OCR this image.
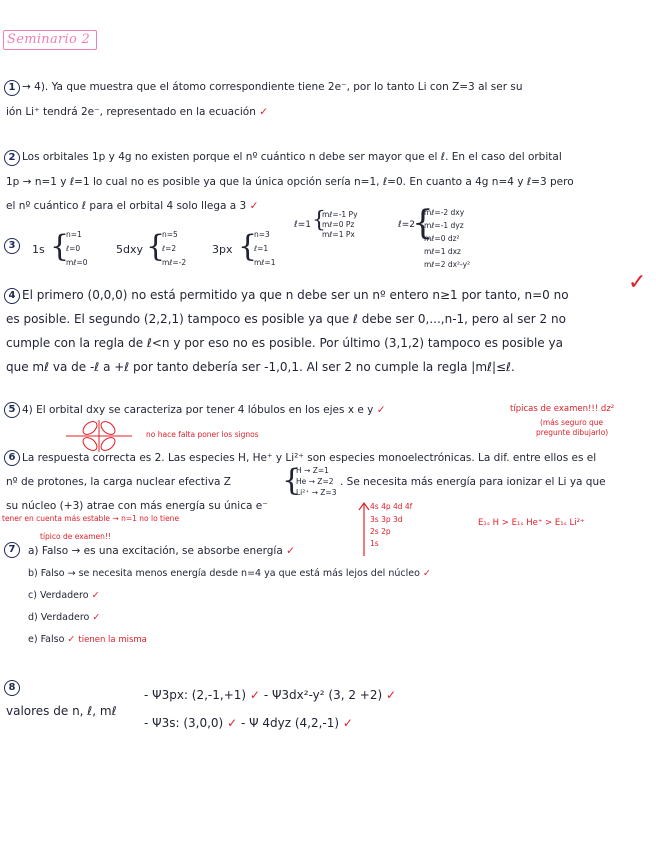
Seminario 2
1 → 4). Ya que muestra que el átomo correspondiente tiene 2e⁻, por lo tanto Li con Z=3 al ser su
ión Li⁺ tendrá 2e⁻, representado en la ecuación ✓
2 Los orbitales 1p y 4g no existen porque el nº cuántico n debe ser mayor que el ℓ. En el caso del orbital
1p → n=1 y ℓ=1 lo cual no es posible ya que la única opción sería n=1, ℓ=0. En cuanto a 4g n=4 y ℓ=3 pero
el nº cuántico ℓ para el orbital 4 solo llega a 3 ✓
ℓ=1 {
mℓ=-1 Py
mℓ=0 Pz
mℓ=1 Px
ℓ=2
{
mℓ=-2 dxy
mℓ=-1 dyz
mℓ=0 dz²
mℓ=1 dxz
mℓ=2 dx²-y²
3	1s {
n=1
ℓ=0
mℓ=0
5dxy {
n=5
ℓ=2
mℓ=-2
3px {
n=3
ℓ=1
mℓ=1
✓
4 El primero (0,0,0) no está permitido ya que n debe ser un nº entero n≥1 por tanto, n=0 no
es posible. El segundo (2,2,1) tampoco es posible ya que ℓ debe ser 0,...,n-1, pero al ser 2 no
cumple con la regla de ℓ<n y por eso no es posible. Por último (3,1,2) tampoco es posible ya
que mℓ va de -ℓ a +ℓ por tanto debería ser -1,0,1. Al ser 2 no cumple la regla |mℓ|≤ℓ.
5 4) El orbital dxy se caracteriza por tener 4 lóbulos en los ejes x e y ✓	típicas de examen!!! dz²
(más seguro que
pregunte dibujarlo)
no hace falta poner los signos
6 La respuesta correcta es 2. Las especies H, He⁺ y Li²⁺ son especies monoelectrónicas. La dif. entre ellos es el
nº de protones, la carga nuclear efectiva Z {
H → Z=1
He → Z=2
Li²⁺ → Z=3
. Se necesita más energía para ionizar el Li ya que
su núcleo (+3) atrae con más energía su única e⁻
tener en cuenta más estable → n=1 no lo tiene
típico de examen!!
4s 4p 4d 4f
3s 3p 3d
2s 2p
1s
E₁ₛ H > E₁ₛ He⁺ > E₁ₛ Li²⁺
7	a) Falso → es una excitación, se absorbe energía ✓
b) Falso → se necesita menos energía desde n=4 ya que está más lejos del núcleo ✓
c) Verdadero ✓
d) Verdadero ✓
e) Falso ✓ tienen la misma
8
valores de n, ℓ, mℓ
- Ψ3px: (2,-1,+1) ✓ - Ψ3dx²-y² (3, 2 +2) ✓
- Ψ3s: (3,0,0) ✓ - Ψ 4dyz (4,2,-1) ✓
